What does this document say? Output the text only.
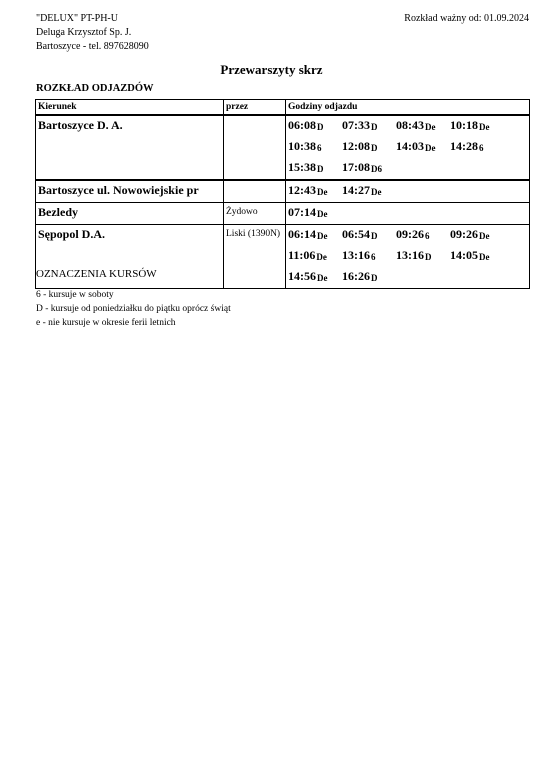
"DELUX" PT-PH-U
Deluga Krzysztof Sp. J.
Bartoszyce - tel. 897628090
Rozkład ważny od: 01.09.2024
Przewarszyty skrz
ROZKŁAD ODJAZDÓW
Kierunek	przez	Godziny odjazdu
Bartoszyce D. A.		$06:08_D$ $07:33_D$ $08:43_{De}$ $10:18_{De}$
$10:38_6$ $12:08_D$ $14:03_{De}$ $14:28_6$
$15:38_D$ $17:08_{D6}$
Bartoszyce ul. Nowowiejskie pr		$12:43_{De}$ $14:27_{De}$
Bezledy	Żydowo	$07:14_{De}$
Sępopol D.A.	Liski (1390N)	$06:14_{De}$ $06:54_D$ $09:26_6$ $09:26_{De}$
$11:06_{De}$ $13:16_6$ $13:16_D$ $14:05_{De}$
$14:56_{De}$ $16:26_D$
OZNACZENIA KURSÓW
6 - kursuje w soboty
D - kursuje od poniedziałku do piątku oprócz świąt
e - nie kursuje w okresie ferii letnich
